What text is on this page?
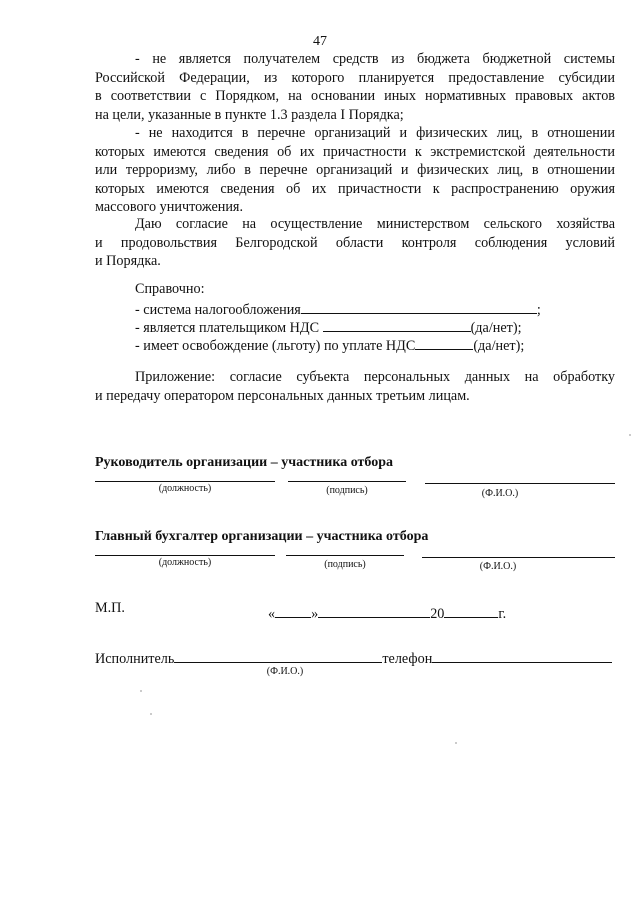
47
- не является получателем средств из бюджета бюджетной системы
Российской Федерации, из которого планируется предоставление субсидии
в соответствии с Порядком, на основании иных нормативных правовых актов
на цели, указанные в пункте 1.3 раздела I Порядка;
- не находится в перечне организаций и физических лиц, в отношении
которых имеются сведения об их причастности к экстремистской деятельности
или терроризму, либо в перечне организаций и физических лиц, в отношении
которых имеются сведения об их причастности к распространению оружия
массового уничтожения.
Даю согласие на осуществление министерством сельского хозяйства
и продовольствия Белгородской области контроля соблюдения условий
и Порядка.
Справочно:
- система налогообложения	;
- является плательщиком НДС	(да/нет);
- имеет освобождение (льготу) по уплате НДС	(да/нет);
Приложение: согласие субъекта персональных данных на обработку
и передачу оператором персональных данных третьим лицам.
Руководитель организации – участника отбора
(должность)	(подпись)	(Ф.И.О.)
Главный бухгалтер организации – участника отбора
(должность)	(подпись)	(Ф.И.О.)
М.П.	«	»	20	г.
Исполнитель	телефон
(Ф.И.О.)
